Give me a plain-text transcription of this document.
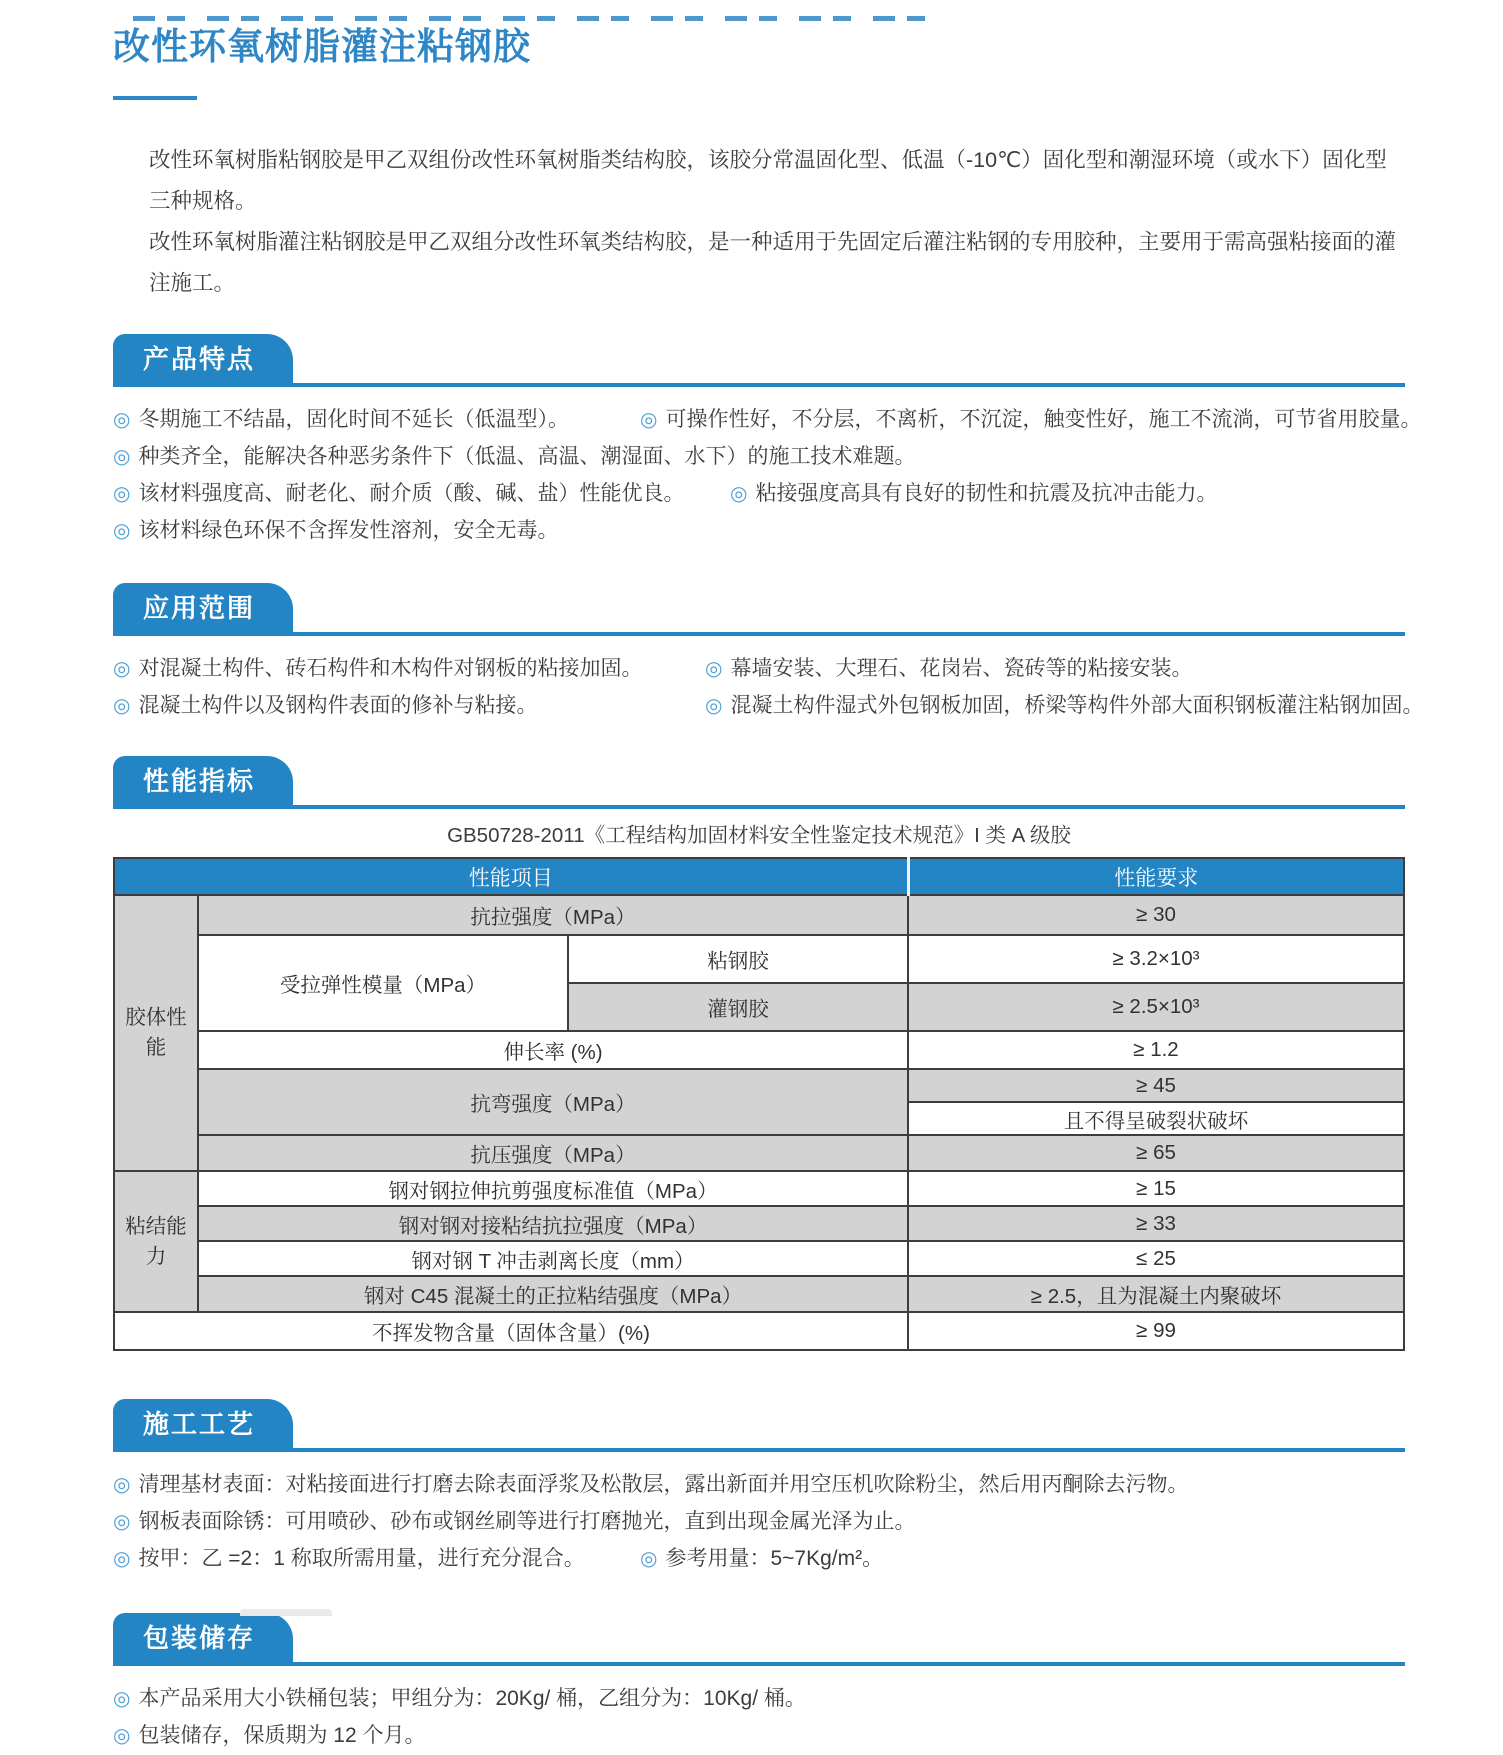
改性环氧树脂灌注粘钢胶

改性环氧树脂粘钢胶是甲乙双组份改性环氧树脂类结构胶，该胶分常温固化型、低温（-10℃）固化型和潮湿环境（或水下）固化型三种规格。

改性环氧树脂灌注粘钢胶是甲乙双组分改性环氧类结构胶，是一种适用于先固定后灌注粘钢的专用胶种，主要用于需高强粘接面的灌注施工。

产品特点
◎ 冬期施工不结晶，固化时间不延长（低温型）。	◎ 可操作性好，不分层，不离析，不沉淀，触变性好，施工不流淌，可节省用胶量。
◎ 种类齐全，能解决各种恶劣条件下（低温、高温、潮湿面、水下）的施工技术难题。
◎ 该材料强度高、耐老化、耐介质（酸、碱、盐）性能优良。 ◎ 粘接强度高具有良好的韧性和抗震及抗冲击能力。
◎ 该材料绿色环保不含挥发性溶剂，安全无毒。
应用范围
◎ 对混凝土构件、砖石构件和木构件对钢板的粘接加固。	◎ 幕墙安装、大理石、花岗岩、瓷砖等的粘接安装。
◎ 混凝土构件以及钢构件表面的修补与粘接。	◎ 混凝土构件湿式外包钢板加固，桥梁等构件外部大面积钢板灌注粘钢加固。
性能指标
GB50728-2011《工程结构加固材料安全性鉴定技术规范》I 类 A 级胶
性能项目			性能要求
胶体性能	抗拉强度（MPa）		≥ 30
	受拉弹性模量（MPa）	粘钢胶	≥ 3.2×10³
		灌钢胶	≥ 2.5×10³
	伸长率 (%)		≥ 1.2
	抗弯强度（MPa）		≥ 45
			且不得呈破裂状破坏
	抗压强度（MPa）		≥ 65
粘结能力	钢对钢拉伸抗剪强度标准值（MPa）		≥ 15
	钢对钢对接粘结抗拉强度（MPa）		≥ 33
	钢对钢 T 冲击剥离长度（mm）		≤ 25
	钢对 C45 混凝土的正拉粘结强度（MPa）		≥ 2.5，且为混凝土内聚破坏
不挥发物含量（固体含量）(%)			≥ 99
施工工艺
◎ 清理基材表面：对粘接面进行打磨去除表面浮浆及松散层，露出新面并用空压机吹除粉尘，然后用丙酮除去污物。
◎ 钢板表面除锈：可用喷砂、砂布或钢丝刷等进行打磨抛光，直到出现金属光泽为止。
◎ 按甲：乙 =2：1 称取所需用量，进行充分混合。	◎ 参考用量：5~7Kg/m²。
包装储存
◎ 本产品采用大小铁桶包装；甲组分为：20Kg/ 桶，乙组分为：10Kg/ 桶。
◎ 包装储存，保质期为 12 个月。
